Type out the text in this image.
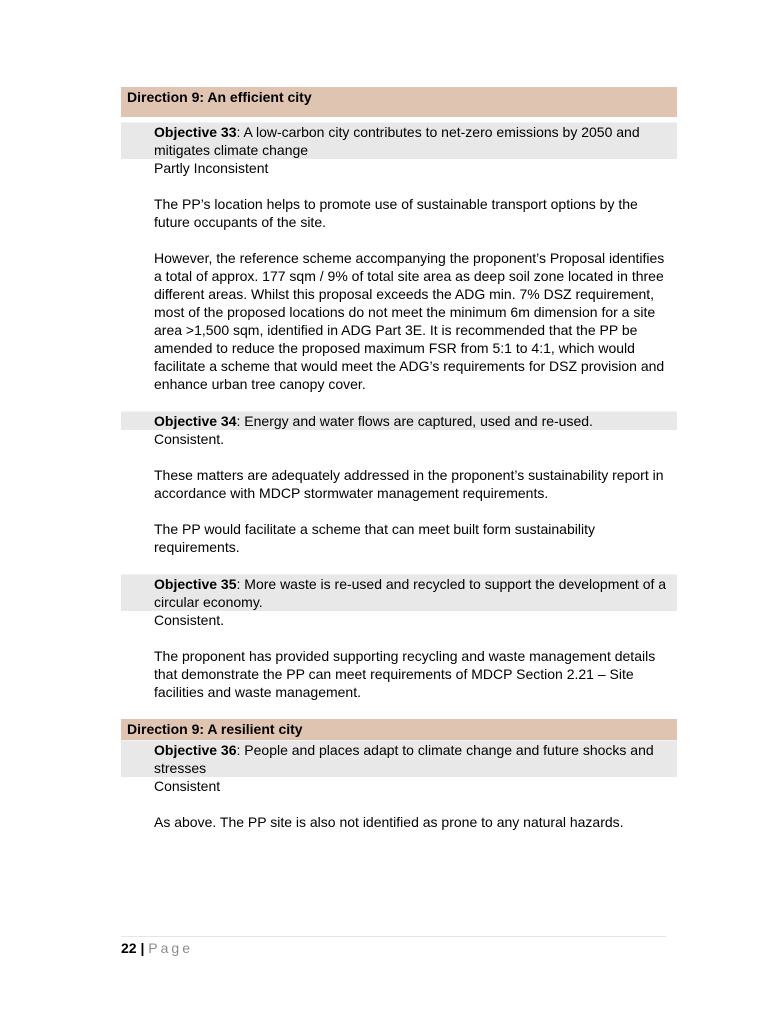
Direction 9: An efficient city
Objective 33: A low-carbon city contributes to net-zero emissions by 2050 and mitigates climate change

Partly Inconsistent

The PP’s location helps to promote use of sustainable transport options by the future occupants of the site.

However, the reference scheme accompanying the proponent’s Proposal identifies a total of approx. 177 sqm / 9% of total site area as deep soil zone located in three different areas. Whilst this proposal exceeds the ADG min. 7% DSZ requirement, most of the proposed locations do not meet the minimum 6m dimension for a site area >1,500 sqm, identified in ADG Part 3E. It is recommended that the PP be amended to reduce the proposed maximum FSR from 5:1 to 4:1, which would facilitate a scheme that would meet the ADG’s requirements for DSZ provision and enhance urban tree canopy cover.

Objective 34: Energy and water flows are captured, used and re-used.

Consistent.

These matters are adequately addressed in the proponent’s sustainability report in accordance with MDCP stormwater management requirements.

The PP would facilitate a scheme that can meet built form sustainability requirements.

Objective 35: More waste is re-used and recycled to support the development of a circular economy.

Consistent.

The proponent has provided supporting recycling and waste management details that demonstrate the PP can meet requirements of MDCP Section 2.21 – Site facilities and waste management.

Direction 9: A resilient city
Objective 36: People and places adapt to climate change and future shocks and stresses

Consistent

As above. The PP site is also not identified as prone to any natural hazards.

22 | Page
